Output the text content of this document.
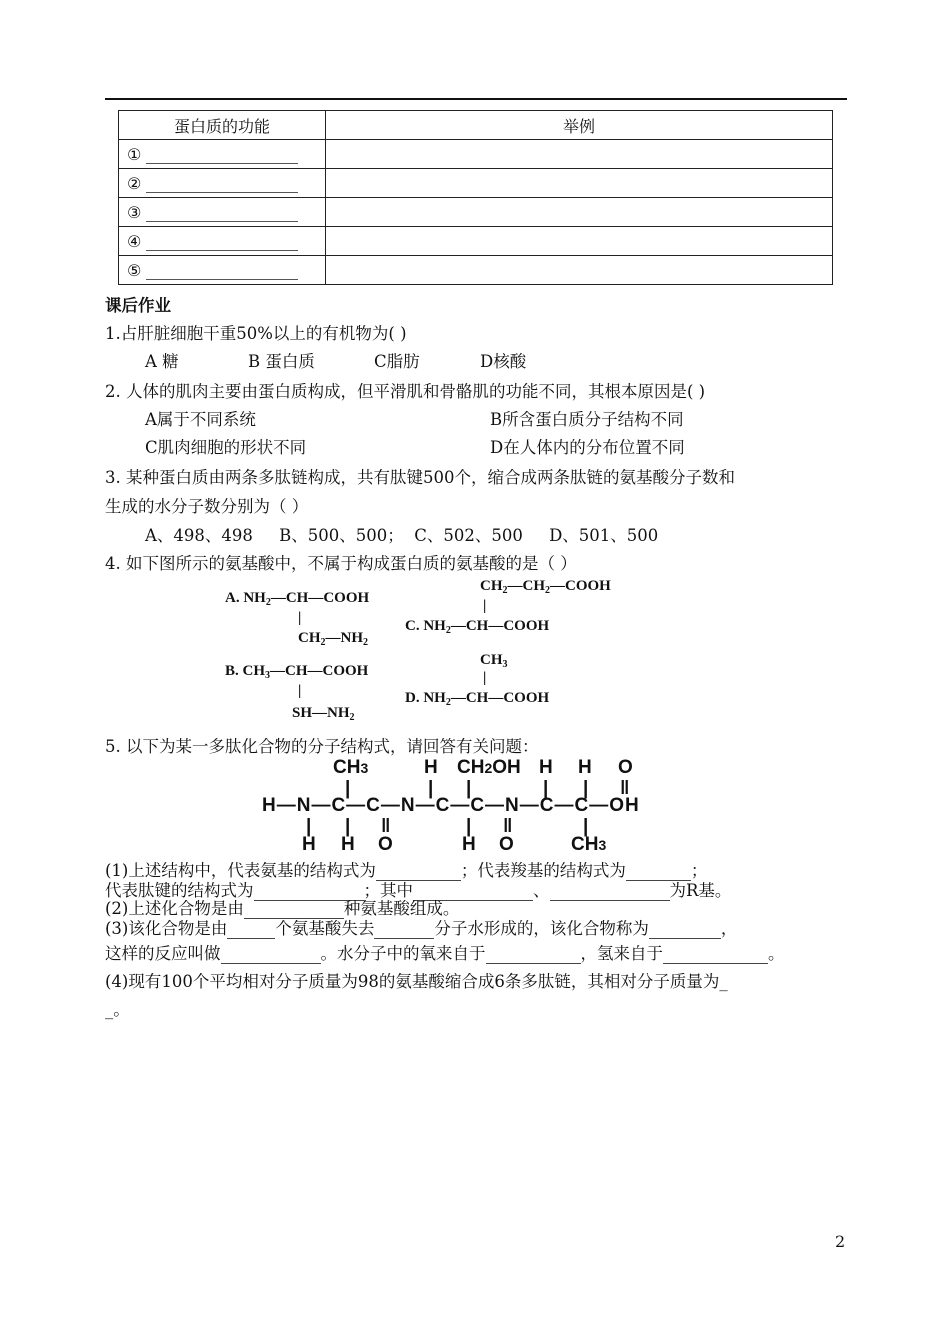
蛋白质的功能	举例
①	
②	
③	
④	
⑤	
课后作业
1.占肝脏细胞干重50%以上的有机物为( )
A 糖	B 蛋白质	C脂肪	D核酸
2. 人体的肌肉主要由蛋白质构成，但平滑肌和骨骼肌的功能不同，其根本原因是( )
A属于不同系统	B所含蛋白质分子结构不同
C肌肉细胞的形状不同	D在人体内的分布位置不同
3. 某种蛋白质由两条多肽链构成，共有肽键500个，缩合成两条肽链的氨基酸分子数和
生成的水分子数分别为（ ）
A、498、498     B、500、500；  C、502、500     D、501、500
4. 如下图所示的氨基酸中，不属于构成蛋白质的氨基酸的是（ ）
A. $NH_2—CH—COOH$
|
$CH_2—NH_2$
B. $CH_3—CH—COOH$
|
$SH—NH_2$
$CH_2—CH_2—COOH$
|
C. $NH_2—CH—COOH$
$CH_3$
|
D. $NH_2—CH—COOH$
5. 以下为某一多肽化合物的分子结构式，请回答有关问题：
CH3	H CH2OH H H O
|	| |	| | ‖
H—N—C—C—N—C—C—N—C—C—OH
| | ‖	| ‖	|
H H O	H O	CH3
(1)上述结构中，代表氨基的结构式为	；代表羧基的结构式为	；
代表肽键的结构式为	；其中	、	为R基。
(2)上述化合物是由	种氨基酸组成。
(3)该化合物是由	个氨基酸失去	分子水形成的，该化合物称为	，
这样的反应叫做	。水分子中的氧来自于	，氢来自于	。
(4)现有100个平均相对分子质量为98的氨基酸缩合成6条多肽链，其相对分子质量为_
_。
2
